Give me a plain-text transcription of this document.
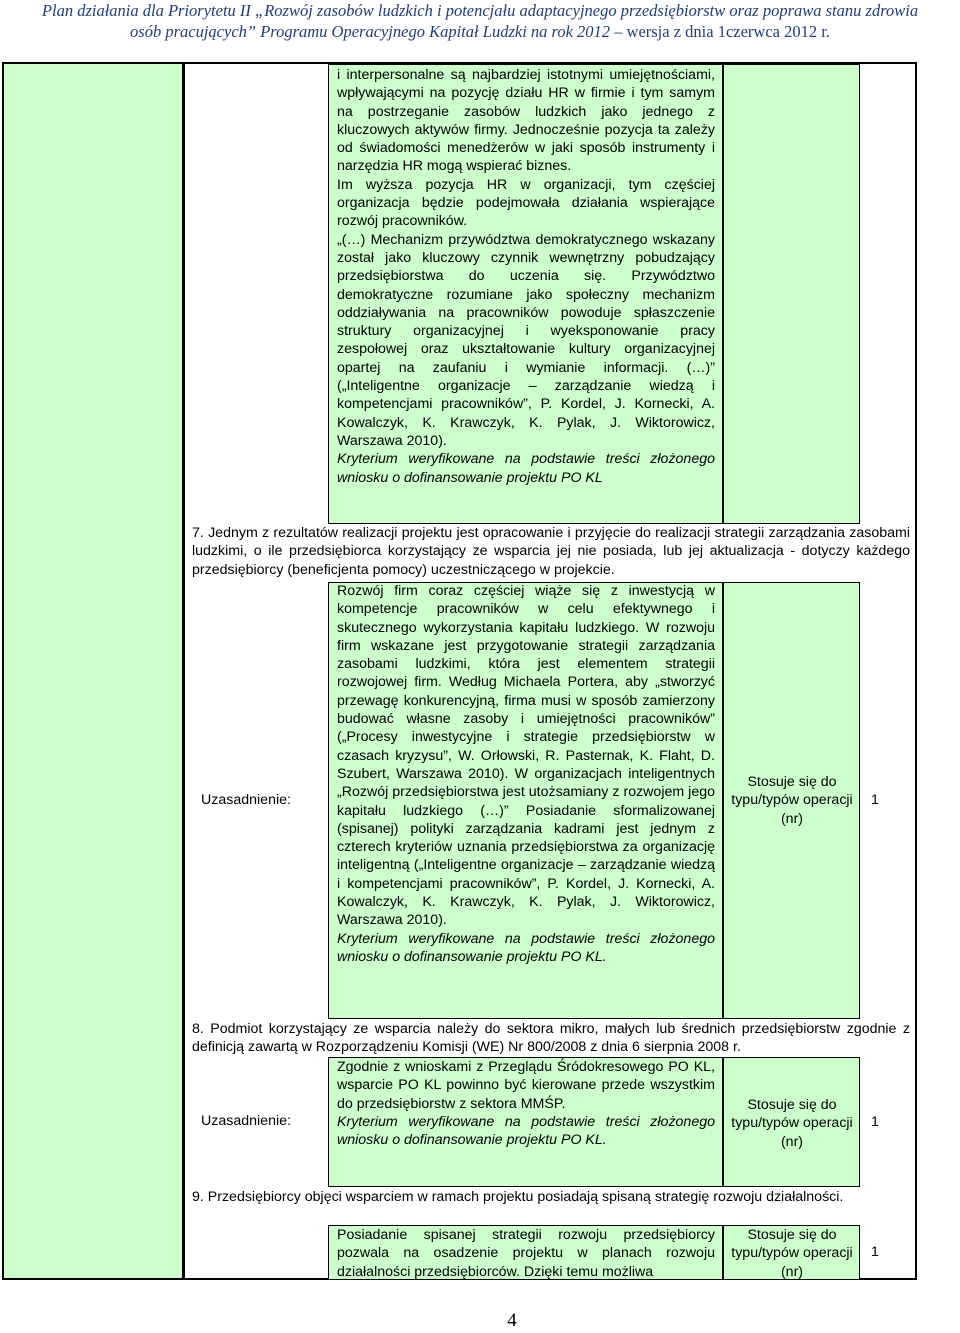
Plan działania dla Priorytetu II „Rozwój zasobów ludzkich i potencjału adaptacyjnego przedsiębiorstw oraz poprawa stanu zdrowia
osób pracujących” Programu Operacyjnego Kapitał Ludzki na rok 2012 – wersja z dnia 1czerwca 2012 r.

i interpersonalne są najbardziej istotnymi umiejętnościami, wpływającymi na pozycję działu HR w firmie i tym samym na postrzeganie zasobów ludzkich jako jednego z kluczowych aktywów firmy. Jednocześnie pozycja ta zależy od świadomości menedżerów w jaki sposób instrumenty i narzędzia HR mogą wspierać biznes.

Im wyższa pozycja HR w organizacji, tym częściej organizacja będzie podejmowała działania wspierające rozwój pracowników.

„(…) Mechanizm przywództwa demokratycznego wskazany został jako kluczowy czynnik wewnętrzny pobudzający przedsiębiorstwa do uczenia się. Przywództwo demokratyczne rozumiane jako społeczny mechanizm oddziaływania na pracowników powoduje spłaszczenie struktury organizacyjnej i wyeksponowanie pracy zespołowej oraz ukształtowanie kultury organizacyjnej opartej na zaufaniu i wymianie informacji. (…)” („Inteligentne organizacje – zarządzanie wiedzą i kompetencjami pracowników”, P. Kordel, J. Kornecki, A. Kowalczyk, K. Krawczyk, K. Pylak, J. Wiktorowicz, Warszawa 2010).

Kryterium weryfikowane na podstawie treści złożonego wniosku o dofinansowanie projektu PO KL

7. Jednym z rezultatów realizacji projektu jest opracowanie i przyjęcie do realizacji strategii zarządzania zasobami ludzkimi, o ile przedsiębiorca korzystający ze wsparcia jej nie posiada, lub jej aktualizacja - dotyczy każdego przedsiębiorcy (beneficjenta pomocy) uczestniczącego w projekcie.
Uzasadnienie:

Rozwój firm coraz częściej wiąże się z inwestycją w kompetencje pracowników w celu efektywnego i skutecznego wykorzystania kapitału ludzkiego. W rozwoju firm wskazane jest przygotowanie strategii zarządzania zasobami ludzkimi, która jest elementem strategii rozwojowej firm. Według Michaela Portera, aby „stworzyć przewagę konkurencyjną, firma musi w sposób zamierzony budować własne zasoby i umiejętności pracowników” („Procesy inwestycyjne i strategie przedsiębiorstw w czasach kryzysu”, W. Orłowski, R. Pasternak, K. Flaht, D. Szubert, Warszawa 2010). W organizacjach inteligentnych „Rozwój przedsiębiorstwa jest utożsamiany z rozwojem jego kapitału ludzkiego (…)” Posiadanie sformalizowanej (spisanej) polityki zarządzania kadrami jest jednym z czterech kryteriów uznania przedsiębiorstwa za organizację inteligentną („Inteligentne organizacje – zarządzanie wiedzą i kompetencjami pracowników”, P. Kordel, J. Kornecki, A. Kowalczyk, K. Krawczyk, K. Pylak, J. Wiktorowicz, Warszawa 2010).

Kryterium weryfikowane na podstawie treści złożonego wniosku o dofinansowanie projektu PO KL.

Stosuje się do typu/typów operacji (nr)
1
8. Podmiot korzystający ze wsparcia należy do sektora mikro, małych lub średnich przedsiębiorstw zgodnie z definicją zawartą w Rozporządzeniu Komisji (WE) Nr 800/2008 z dnia 6 sierpnia 2008 r.
Uzasadnienie:

Zgodnie z wnioskami z Przeglądu Śródokresowego PO KL, wsparcie PO KL powinno być kierowane przede wszystkim do przedsiębiorstw z sektora MMŚP.

Kryterium weryfikowane na podstawie treści złożonego wniosku o dofinansowanie projektu PO KL.

Stosuje się do typu/typów operacji (nr)
1
9. Przedsiębiorcy objęci wsparciem w ramach projektu posiadają spisaną strategię rozwoju działalności.
Posiadanie spisanej strategii rozwoju przedsiębiorcy pozwala na osadzenie projektu w planach rozwoju działalności przedsiębiorców. Dzięki temu możliwa
Stosuje się do typu/typów operacji (nr)
1
4
